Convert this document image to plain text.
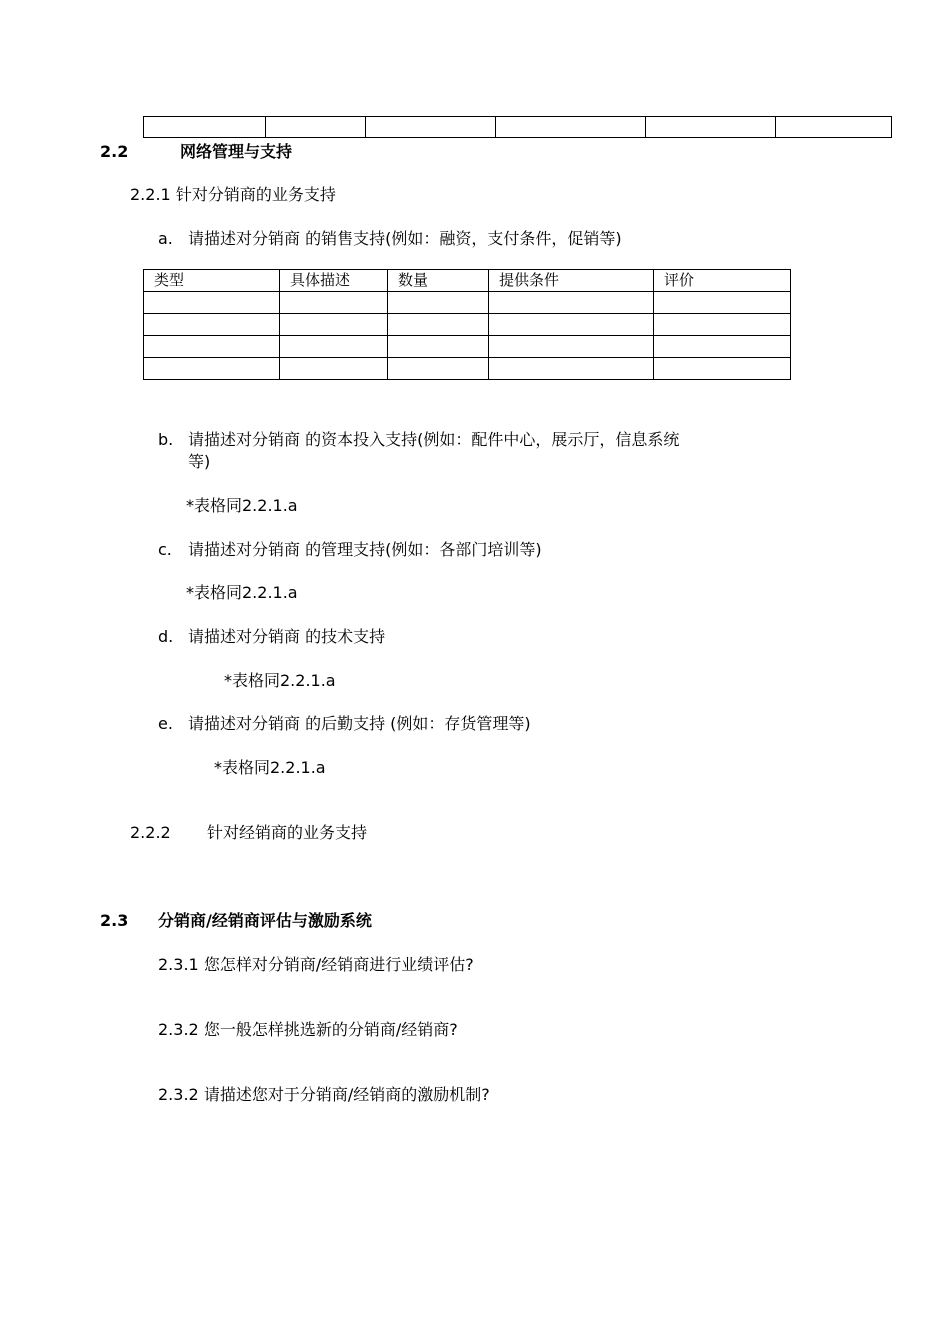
2.2	网络管理与支持
2.2.1 针对分销商的业务支持
a. 请描述对分销商 的销售支持(例如：融资，支付条件，促销等)
类型	具体描述	数量	提供条件	评价

b. 请描述对分销商 的资本投入支持(例如：配件中心，展示厅，信息系统
等)
*表格同2.2.1.a
c. 请描述对分销商 的管理支持(例如：各部门培训等)
*表格同2.2.1.a
d. 请描述对分销商 的技术支持
*表格同2.2.1.a
e. 请描述对分销商 的后勤支持 (例如：存货管理等)
*表格同2.2.1.a
2.2.2 针对经销商的业务支持
2.3 分销商/经销商评估与激励系统
2.3.1 您怎样对分销商/经销商进行业绩评估?
2.3.2 您一般怎样挑选新的分销商/经销商?
2.3.2 请描述您对于分销商/经销商的激励机制?
